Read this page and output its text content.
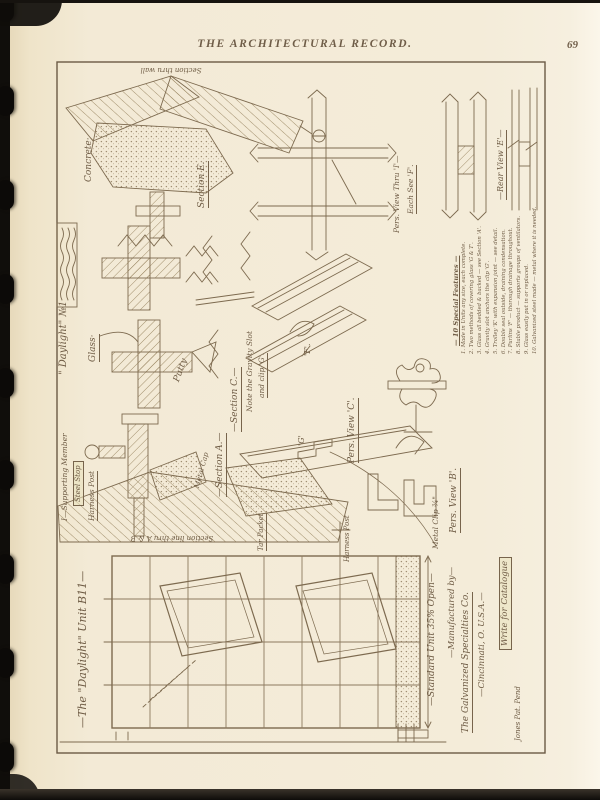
THE ARCHITECTURAL RECORD.	69
Section thru wall
Concrete·
Section E.
" Daylight" №1 Glass·
Putty
—Section A.—
—Section C.— Note the Gravity Slot and clip 'G'.
Pers. View Thru 'I'— Each See 'F'.	—Rear View 'E'—
Pers. View 'C'.
Pers. View 'B'.
Metal Clip ¾"
'F'.
'G'
I—Supporting Member Steel Stop Harness Post
Metal Cap
Tar Packet	Harness Post
Section line thru A & B
—The "Daylight" Unit B11—	—Standard Unit 35% Open— —Manufactured by— The Galvanized Specialties Co. —Cincinnati, O. U.S.A.— Write for Catalogue
Jones Pat. Pend
— 10 Special Features — 1. Made in Units any size, each complete. 2. Two methods of covering glass 'G & T'. 3. Glass all bedded & backed — see Section 'A'. 4. Gravity slot anchors the clip 'G'. 5. Trolley 'K' with expansion joint — see detail. 6. Double seal outside, draining condensation. 7. Purlins 'F' — thorough drainage throughout. 8. Stable product — supports groups of ventilators. 9. Glass easily put in or replaced. 10. Galvanized steel made — metal where it is needed.
